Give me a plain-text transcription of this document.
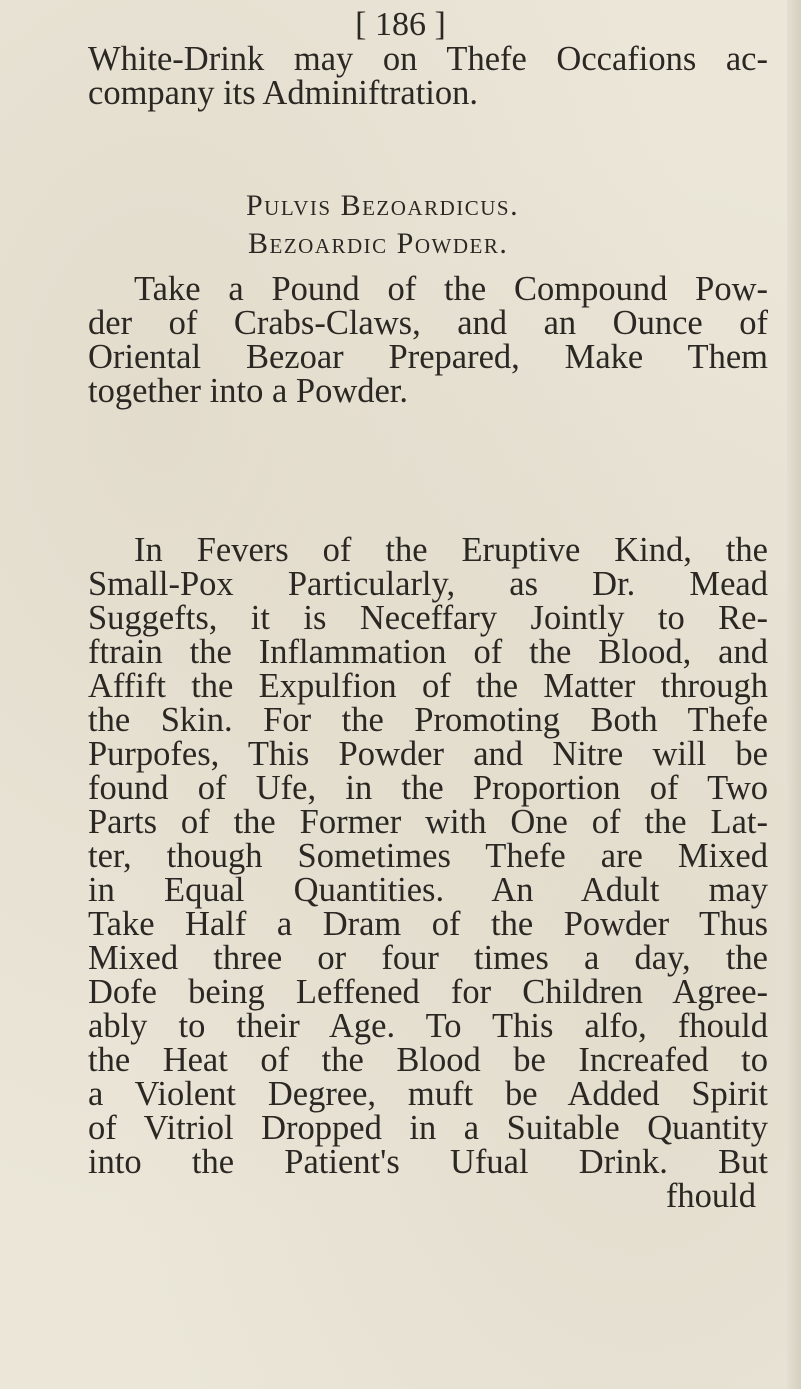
[ 186 ]
White-Drink may on Thefe Occafions ac-
company its Adminiftration.
Pulvis Bezoardicus.
Bezoardic Powder.
Take a Pound of the Compound Pow-
der of Crabs-Claws, and an Ounce of
Oriental Bezoar Prepared, Make Them
together into a Powder.
In Fevers of the Eruptive Kind, the
Small-Pox Particularly, as Dr. Mead
Suggefts, it is Neceffary Jointly to Re-
ftrain the Inflammation of the Blood, and
Affift the Expulfion of the Matter through
the Skin. For the Promoting Both Thefe
Purpofes, This Powder and Nitre will be
found of Ufe, in the Proportion of Two
Parts of the Former with One of the Lat-
ter, though Sometimes Thefe are Mixed
in Equal Quantities. An Adult may
Take Half a Dram of the Powder Thus
Mixed three or four times a day, the
Dofe being Leffened for Children Agree-
ably to their Age. To This alfo, fhould
the Heat of the Blood be Increafed to
a Violent Degree, muft be Added Spirit
of Vitriol Dropped in a Suitable Quantity
into the Patient's Ufual Drink. But
fhould
